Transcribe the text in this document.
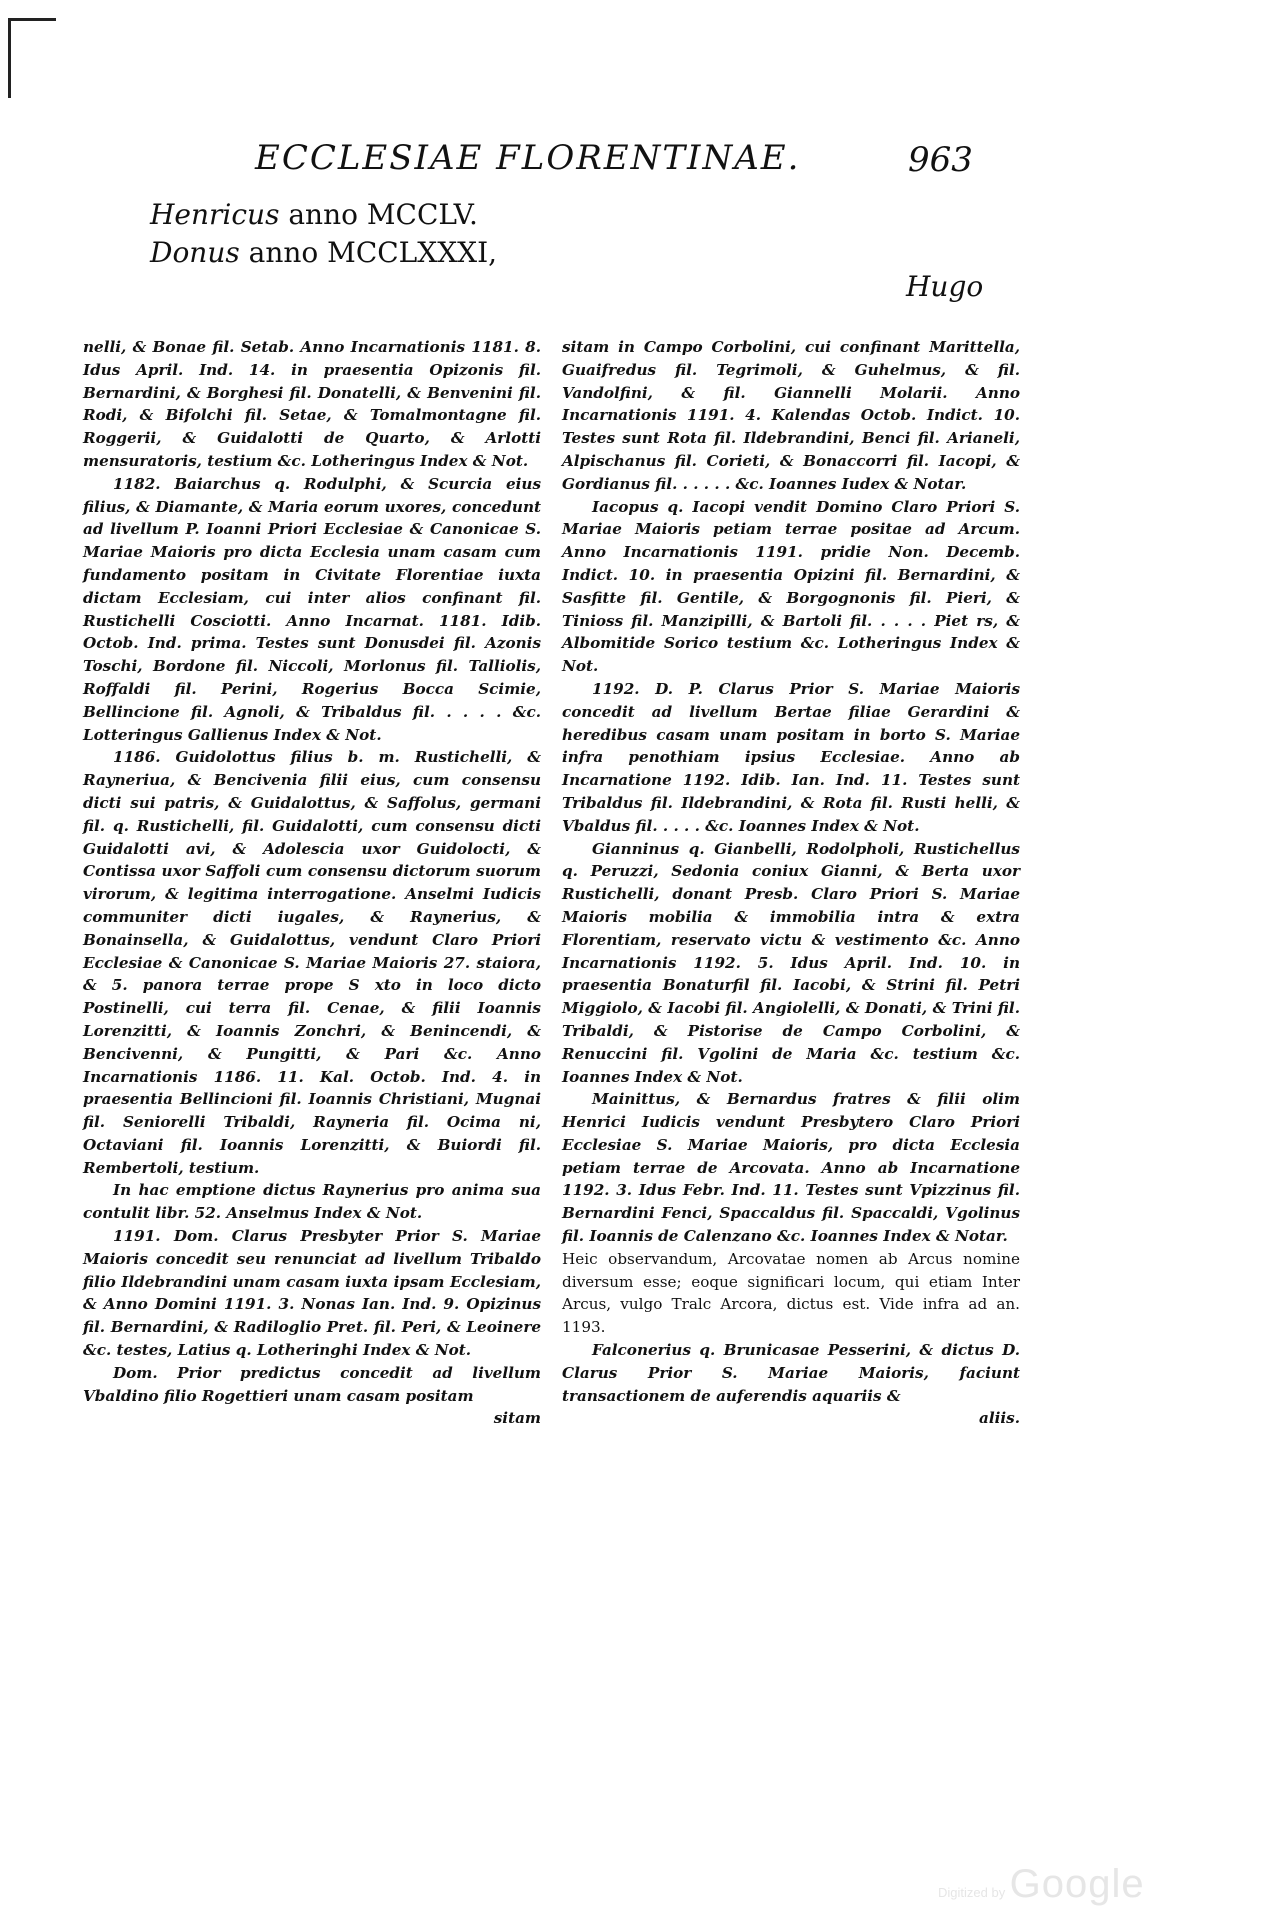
ECCLESIAE FLORENTINAE.	963
Henricus anno MCCLV.
Donus anno MCCLXXXI,
Hugo

nelli, & Bonae fil. Setab. Anno Incarnationis 1181. 8. Idus April. Ind. 14. in praesentia Opizonis fil. Bernardini, & Borghesi fil. Donatelli, & Benvenini fil. Rodi, & Bifolchi fil. Setae, & Tomalmontagne fil. Roggerii, & Guidalotti de Quarto, & Arlotti mensuratoris, testium &c. Lotheringus Index & Not.

1182. Baiarchus q. Rodulphi, & Scurcia eius filius, & Diamante, & Maria eorum uxores, concedunt ad livellum P. Ioanni Priori Ecclesiae & Canonicae S. Mariae Maioris pro dicta Ecclesia unam casam cum fundamento positam in Civitate Florentiae iuxta dictam Ecclesiam, cui inter alios confinant fil. Rustichelli Cosciotti. Anno Incarnat. 1181. Idib. Octob. Ind. prima. Testes sunt Donusdei fil. Azonis Toschi, Bordone fil. Niccoli, Morlonus fil. Talliolis, Roffaldi fil. Perini, Rogerius Bocca Scimie, Bellincione fil. Agnoli, & Tribaldus fil. . . . . &c. Lotteringus Gallienus Index & Not.

1186. Guidolottus filius b. m. Rustichelli, & Rayneriua, & Bencivenia filii eius, cum consensu dicti sui patris, & Guidalottus, & Saffolus, germani fil. q. Rustichelli, fil. Guidalotti, cum consensu dicti Guidalotti avi, & Adolescia uxor Guidolocti, & Contissa uxor Saffoli cum consensu dictorum suorum virorum, & legitima interrogatione. Anselmi Iudicis communiter dicti iugales, & Raynerius, & Bonainsella, & Guidalottus, vendunt Claro Priori Ecclesiae & Canonicae S. Mariae Maioris 27. staiora, & 5. panora terrae prope S xto in loco dicto Postinelli, cui terra fil. Cenae, & filii Ioannis Lorenzitti, & Ioannis Zonchri, & Benincendi, & Bencivenni, & Pungitti, & Pari &c. Anno Incarnationis 1186. 11. Kal. Octob. Ind. 4. in praesentia Bellincioni fil. Ioannis Christiani, Mugnai fil. Seniorelli Tribaldi, Rayneria fil. Ocima ni, Octaviani fil. Ioannis Lorenzitti, & Buiordi fil. Rembertoli, testium.

In hac emptione dictus Raynerius pro anima sua contulit libr. 52. Anselmus Index & Not.

1191. Dom. Clarus Presbyter Prior S. Mariae Maioris concedit seu renunciat ad livellum Tribaldo filio Ildebrandini unam casam iuxta ipsam Ecclesiam, & Anno Domini 1191. 3. Nonas Ian. Ind. 9. Opizinus fil. Bernardini, & Radiloglio Pret. fil. Peri, & Leoinere &c. testes, Latius q. Lotheringhi Index & Not.

Dom. Prior predictus concedit ad livellum Vbaldino filio Rogettieri unam casam positam

sitam

sitam in Campo Corbolini, cui confinant Marittella, Guaifredus fil. Tegrimoli, & Guhelmus, & fil. Vandolfini, & fil. Giannelli Molarii. Anno Incarnationis 1191. 4. Kalendas Octob. Indict. 10. Testes sunt Rota fil. Ildebrandini, Benci fil. Arianeli, Alpischanus fil. Corieti, & Bonaccorri fil. Iacopi, & Gordianus fil. . . . . . &c. Ioannes Iudex & Notar.

Iacopus q. Iacopi vendit Domino Claro Priori S. Mariae Maioris petiam terrae positae ad Arcum. Anno Incarnationis 1191. pridie Non. Decemb. Indict. 10. in praesentia Opizini fil. Bernardini, & Sasfitte fil. Gentile, & Borgognonis fil. Pieri, & Tinioss fil. Manzipilli, & Bartoli fil. . . . . Piet rs, & Albomitide Sorico testium &c. Lotheringus Index & Not.

1192. D. P. Clarus Prior S. Mariae Maioris concedit ad livellum Bertae filiae Gerardini & heredibus casam unam positam in borto S. Mariae infra penothiam ipsius Ecclesiae. Anno ab Incarnatione 1192. Idib. Ian. Ind. 11. Testes sunt Tribaldus fil. Ildebrandini, & Rota fil. Rusti helli, & Vbaldus fil. . . . . &c. Ioannes Index & Not.

Gianninus q. Gianbelli, Rodolpholi, Rustichellus q. Peruzzi, Sedonia coniux Gianni, & Berta uxor Rustichelli, donant Presb. Claro Priori S. Mariae Maioris mobilia & immobilia intra & extra Florentiam, reservato victu & vestimento &c. Anno Incarnationis 1192. 5. Idus April. Ind. 10. in praesentia Bonaturfil fil. Iacobi, & Strini fil. Petri Miggiolo, & Iacobi fil. Angiolelli, & Donati, & Trini fil. Tribaldi, & Pistorise de Campo Corbolini, & Renuccini fil. Vgolini de Maria &c. testium &c. Ioannes Index & Not.

Mainittus, & Bernardus fratres & filii olim Henrici Iudicis vendunt Presbytero Claro Priori Ecclesiae S. Mariae Maioris, pro dicta Ecclesia petiam terrae de Arcovata. Anno ab Incarnatione 1192. 3. Idus Febr. Ind. 11. Testes sunt Vpizzinus fil. Bernardini Fenci, Spaccaldus fil. Spaccaldi, Vgolinus fil. Ioannis de Calenzano &c. Ioannes Index & Notar.

Heic observandum, Arcovatae nomen ab Arcus nomine diversum esse; eoque significari locum, qui etiam Inter Arcus, vulgo Tralc Arcora, dictus est. Vide infra ad an. 1193.

Falconerius q. Brunicasae Pesserini, & dictus D. Clarus Prior S. Mariae Maioris, faciunt transactionem de auferendis aquariis &

aliis.
Digitized by Google
